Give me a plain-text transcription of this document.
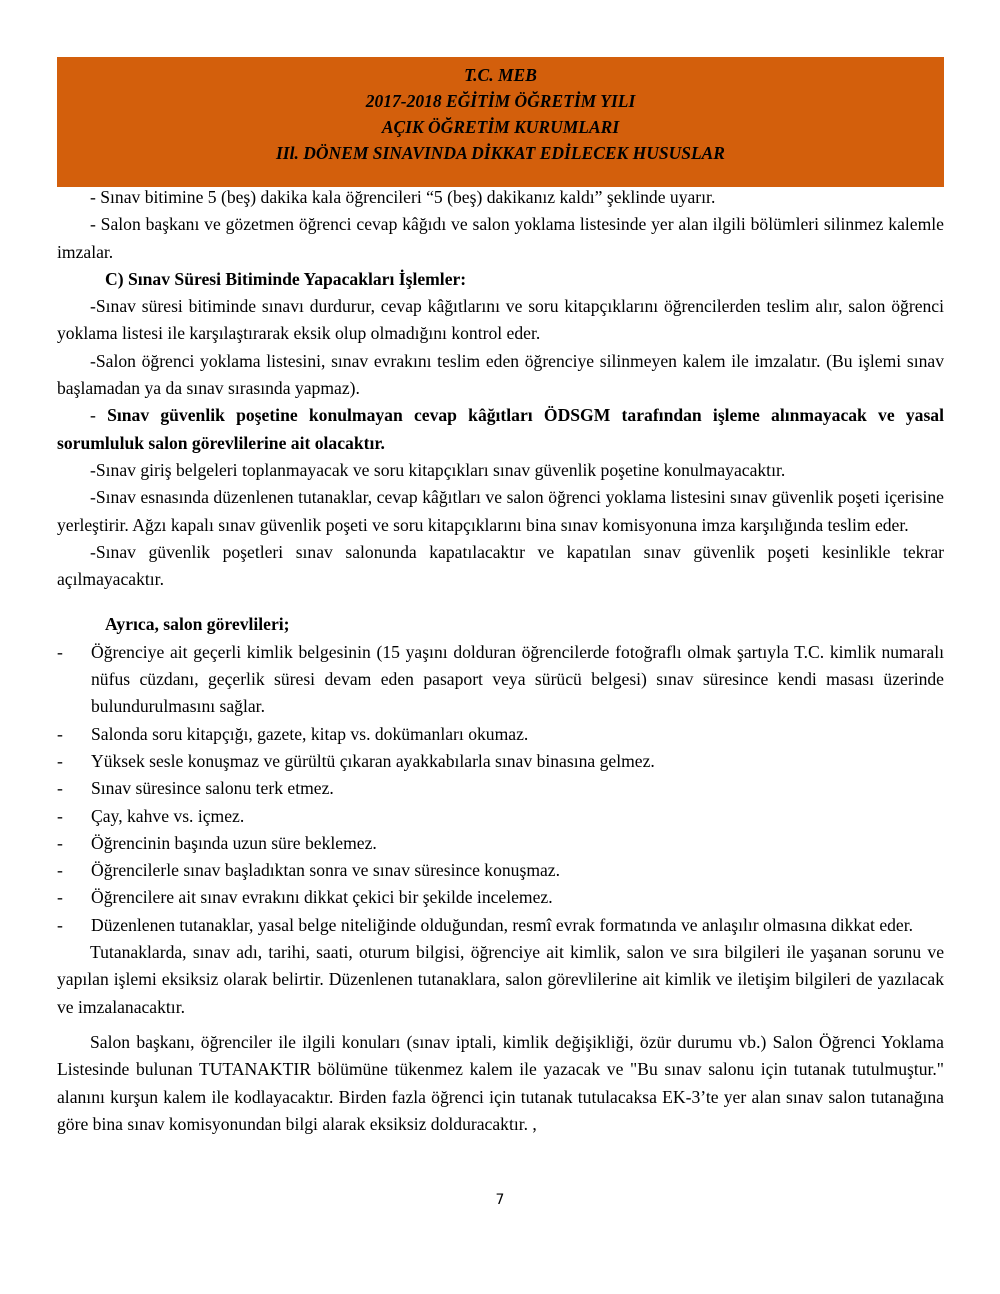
T.C. MEB
2017-2018 EĞİTİM ÖĞRETİM YILI
AÇIK ÖĞRETİM KURUMLARI
IIl. DÖNEM SINAVINDA DİKKAT EDİLECEK HUSUSLAR

- Sınav bitimine 5 (beş) dakika kala öğrencileri “5 (beş) dakikanız kaldı” şeklinde uyarır.

- Salon başkanı ve gözetmen öğrenci cevap kâğıdı ve salon yoklama listesinde yer alan ilgili bölümleri silinmez kalemle imzalar.

C) Sınav Süresi Bitiminde Yapacakları İşlemler:

-Sınav süresi bitiminde sınavı durdurur, cevap kâğıtlarını ve soru kitapçıklarını öğrencilerden teslim alır, salon öğrenci yoklama listesi ile karşılaştırarak eksik olup olmadığını kontrol eder.

-Salon öğrenci yoklama listesini, sınav evrakını teslim eden öğrenciye silinmeyen kalem ile imzalatır. (Bu işlemi sınav başlamadan ya da sınav sırasında yapmaz).

- Sınav güvenlik poşetine konulmayan cevap kâğıtları ÖDSGM tarafından işleme alınmayacak ve yasal sorumluluk salon görevlilerine ait olacaktır.

-Sınav giriş belgeleri toplanmayacak ve soru kitapçıkları sınav güvenlik poşetine konulmayacaktır.

-Sınav esnasında düzenlenen tutanaklar, cevap kâğıtları ve salon öğrenci yoklama listesini sınav güvenlik poşeti içerisine yerleştirir. Ağzı kapalı sınav güvenlik poşeti ve soru kitapçıklarını bina sınav komisyonuna imza karşılığında teslim eder.

-Sınav güvenlik poşetleri sınav salonunda kapatılacaktır ve kapatılan sınav güvenlik poşeti kesinlikle tekrar açılmayacaktır.

Ayrıca, salon görevlileri;

-	Öğrenciye ait geçerli kimlik belgesinin (15 yaşını dolduran öğrencilerde fotoğraflı olmak şartıyla T.C. kimlik numaralı nüfus cüzdanı, geçerlik süresi devam eden pasaport veya sürücü belgesi) sınav süresince kendi masası üzerinde bulundurulmasını sağlar.
-	Salonda soru kitapçığı, gazete, kitap vs. dokümanları okumaz.
-	Yüksek sesle konuşmaz ve gürültü çıkaran ayakkabılarla sınav binasına gelmez.
-	Sınav süresince salonu terk etmez.
-	Çay, kahve vs. içmez.
-	Öğrencinin başında uzun süre beklemez.
-	Öğrencilerle sınav başladıktan sonra ve sınav süresince konuşmaz.
-	Öğrencilere ait sınav evrakını dikkat çekici bir şekilde incelemez.
-	Düzenlenen tutanaklar, yasal belge niteliğinde olduğundan, resmî evrak formatında ve anlaşılır olmasına dikkat eder.

Tutanaklarda, sınav adı, tarihi, saati, oturum bilgisi, öğrenciye ait kimlik, salon ve sıra bilgileri ile yaşanan sorunu ve yapılan işlemi eksiksiz olarak belirtir. Düzenlenen tutanaklara, salon görevlilerine ait kimlik ve iletişim bilgileri de yazılacak ve imzalanacaktır.

Salon başkanı, öğrenciler ile ilgili konuları (sınav iptali, kimlik değişikliği, özür durumu vb.) Salon Öğrenci Yoklama Listesinde bulunan TUTANAKTIR bölümüne tükenmez kalem ile yazacak ve "Bu sınav salonu için tutanak tutulmuştur." alanını kurşun kalem ile kodlayacaktır. Birden fazla öğrenci için tutanak tutulacaksa EK-3’te yer alan sınav salon tutanağına göre bina sınav komisyonundan bilgi alarak eksiksiz dolduracaktır. ,

7
